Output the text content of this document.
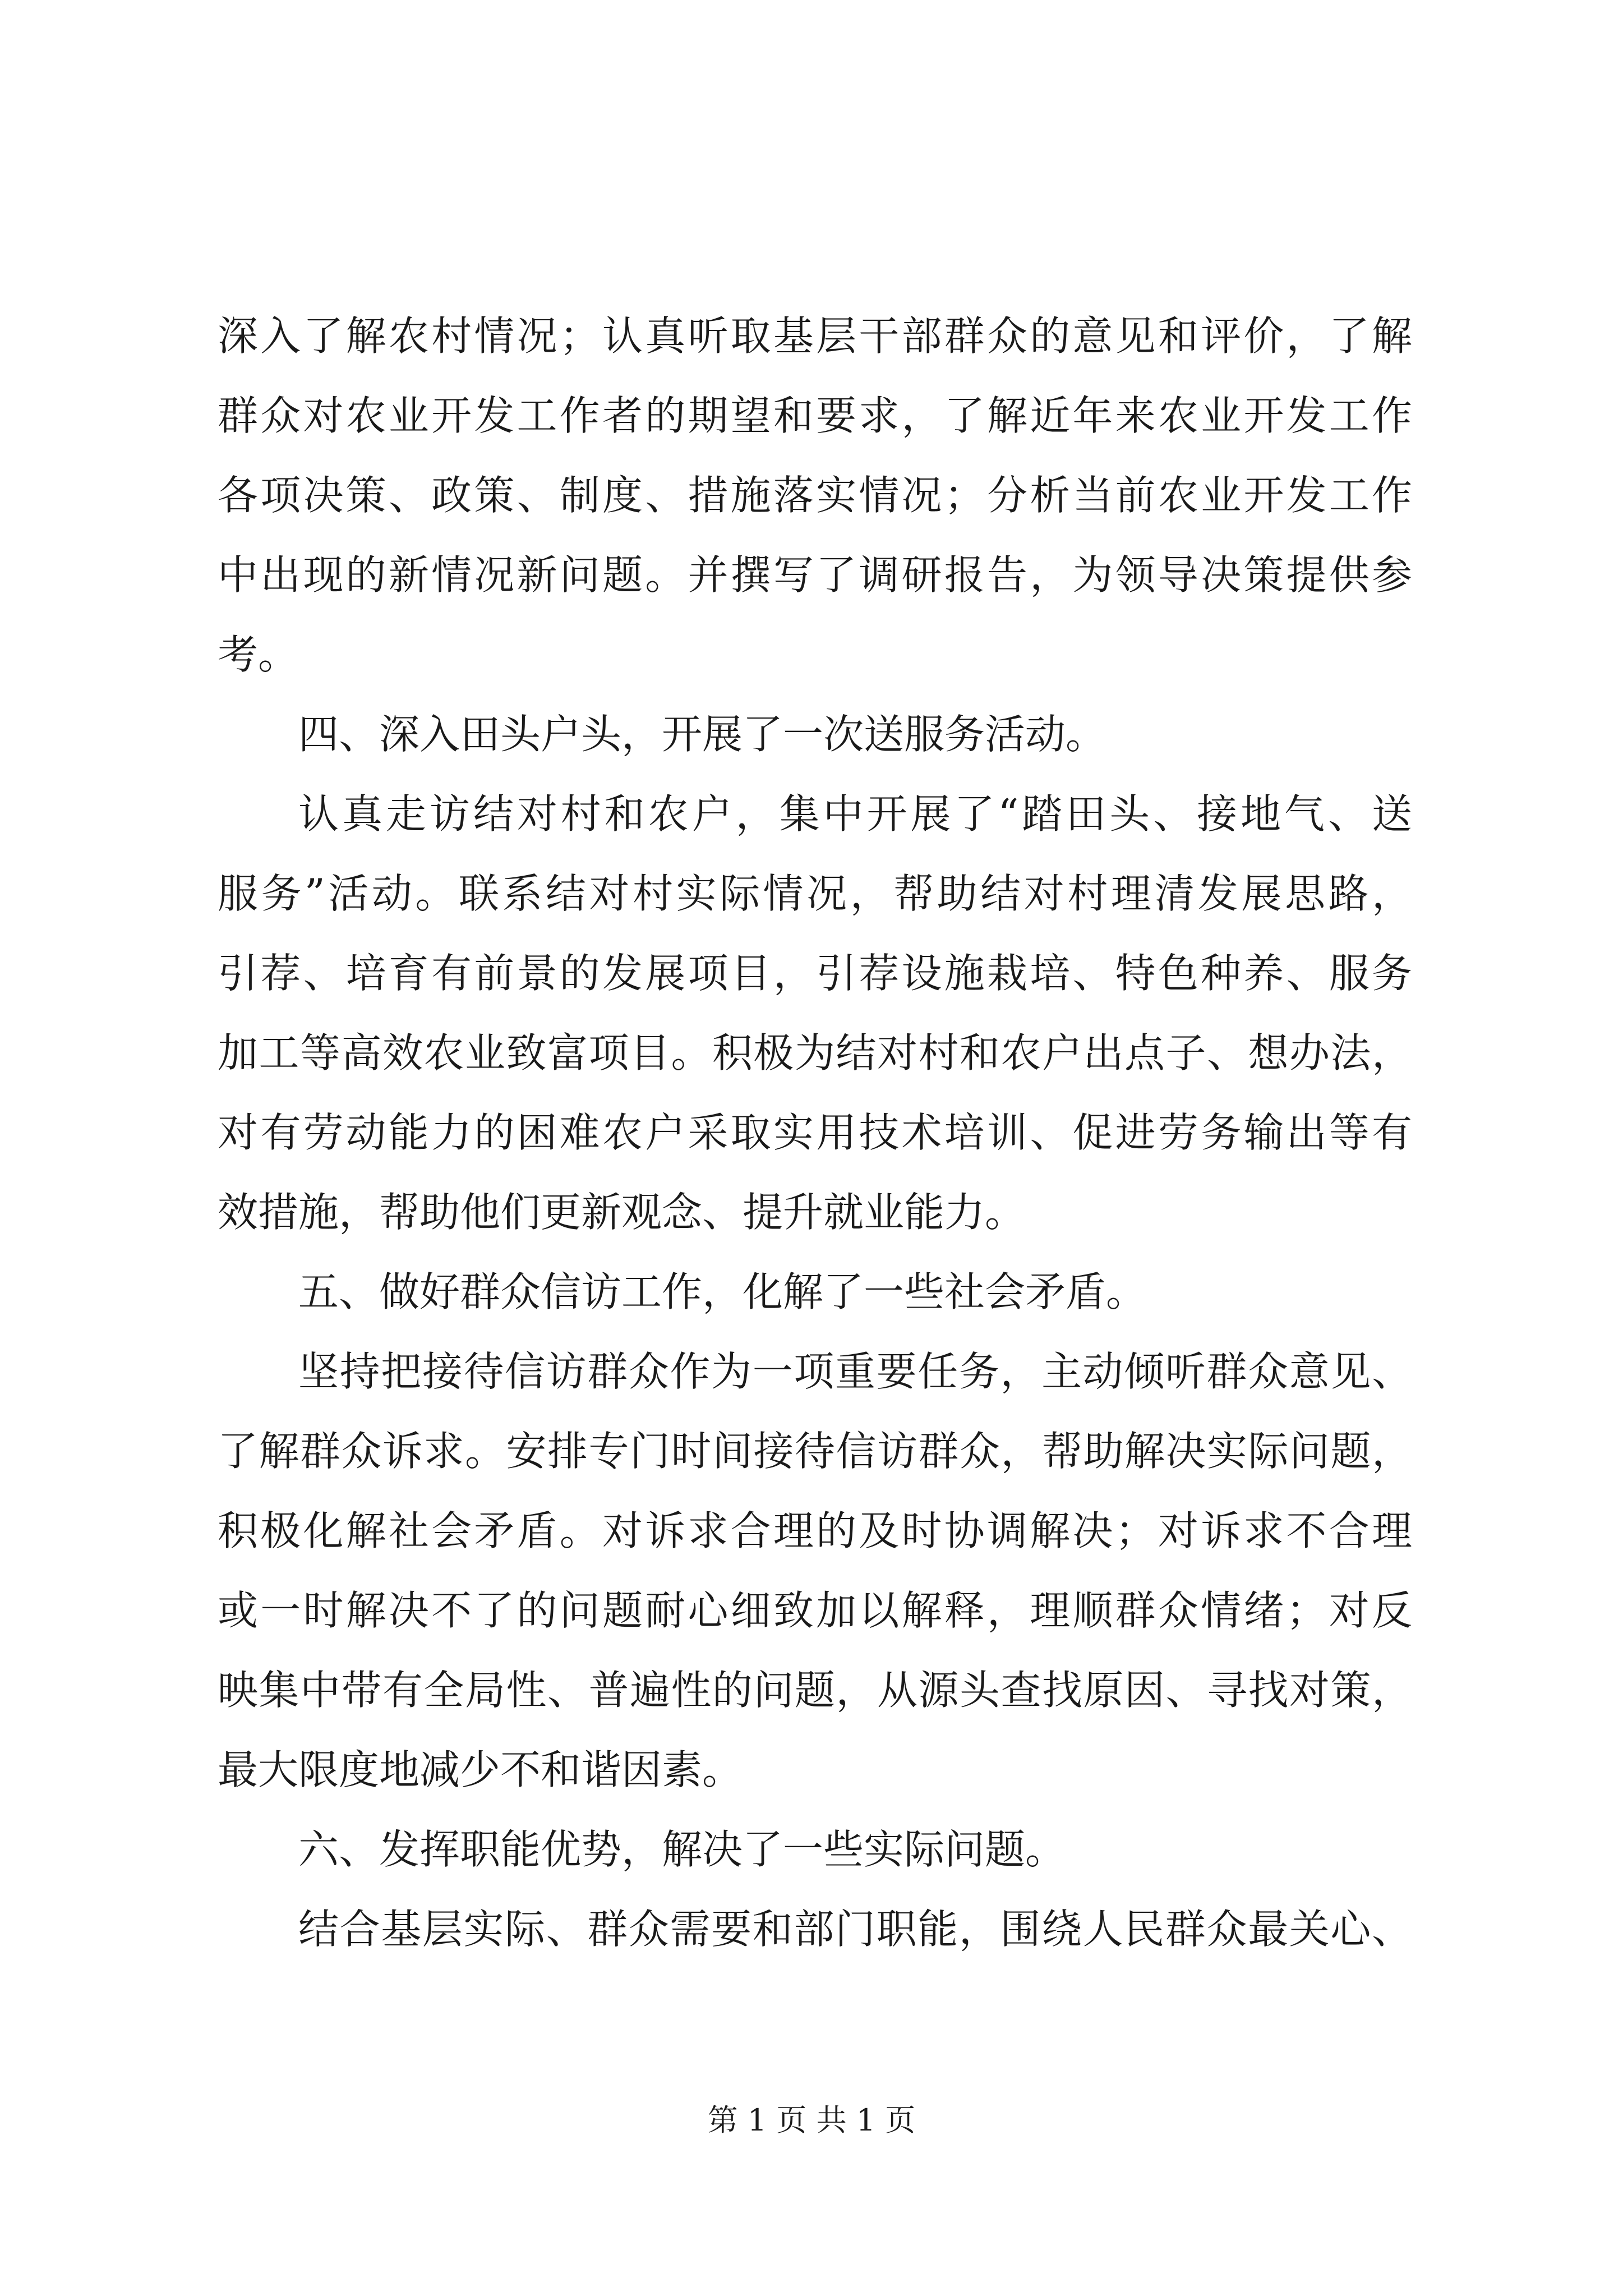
深入了解农村情况；认真听取基层干部群众的意见和评价，了解
群众对农业开发工作者的期望和要求，了解近年来农业开发工作
各项决策、政策、制度、措施落实情况；分析当前农业开发工作
中出现的新情况新问题。并撰写了调研报告，为领导决策提供参
考。
四、深入田头户头，开展了一次送服务活动。
认真走访结对村和农户，集中开展了“踏田头、接地气、送
服务”活动。联系结对村实际情况，帮助结对村理清发展思路，
引荐、培育有前景的发展项目，引荐设施栽培、特色种养、服务
加工等高效农业致富项目。积极为结对村和农户出点子、想办法，
对有劳动能力的困难农户采取实用技术培训、促进劳务输出等有
效措施，帮助他们更新观念、提升就业能力。
五、做好群众信访工作，化解了一些社会矛盾。
坚持把接待信访群众作为一项重要任务，主动倾听群众意见、
了解群众诉求。安排专门时间接待信访群众，帮助解决实际问题，
积极化解社会矛盾。对诉求合理的及时协调解决；对诉求不合理
或一时解决不了的问题耐心细致加以解释，理顺群众情绪；对反
映集中带有全局性、普遍性的问题，从源头查找原因、寻找对策，
最大限度地减少不和谐因素。
六、发挥职能优势，解决了一些实际问题。
结合基层实际、群众需要和部门职能，围绕人民群众最关心、
第 1 页 共 1 页
